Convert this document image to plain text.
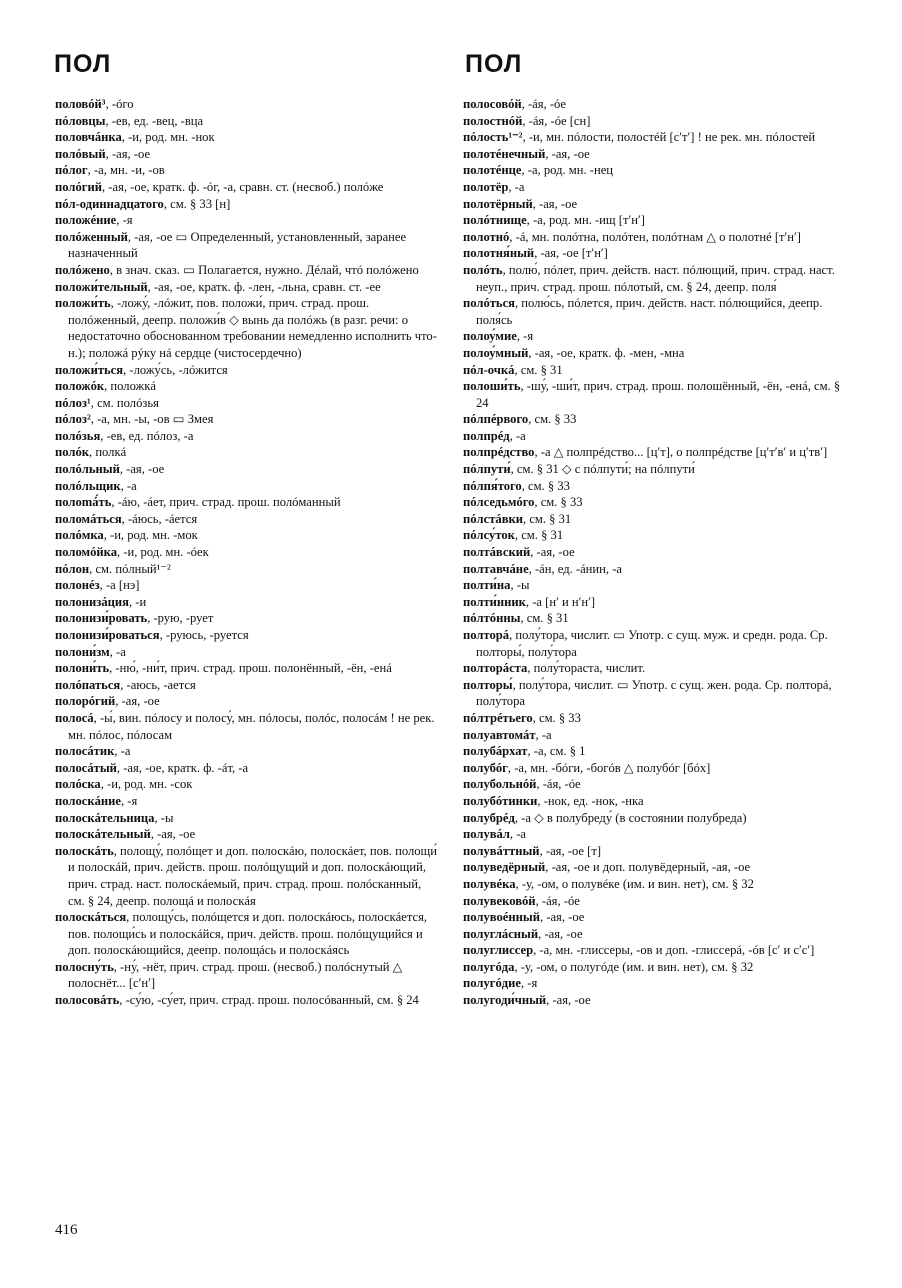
ПОЛ	ПОЛ

половóй³, -óго

пóловцы, -ев, ед. -вец, -вца

половчáнка, -и, род. мн. -нок

полóвый, -ая, -ое

пóлог, -а, мн. -и, -ов

полóгий, -ая, -ое, кратк. ф. -óг, -а, сравн. ст. (несвоб.) полóже

пóл-одиннадцатого, см. § 33 [н]

положéние, -я

полóженный, -ая, -ое ▭ Определенный, установленный, заранее назначенный

полóжено, в знач. сказ. ▭ Полагается, нужно. Дéлай, чтó полóжено

положи́тельный, -ая, -ое, кратк. ф. -лен, -льна, сравн. ст. -ее

положи́ть, -ложу́, -лóжит, пов. положи́, прич. страд. прош. полóженный, деепр. положи́в ◇ вынь да полóжь (в разг. речи: о недостаточно обоснованном требовании немедленно исполнить что-н.); положá рýку нá сердце (чистосердечно)

положи́ться, -ложу́сь, -лóжится

положóк, положкá

пóлоз¹, см. полóзья

пóлоз², -а, мн. -ы, -ов ▭ Змея

полóзья, -ев, ед. пóлоз, -а

полóк, полкá

полóльный, -ая, -ое

полóльщик, -а

полomá́ть, -áю, -áет, прич. страд. прош. полóманный

поломáться, -áюсь, -áется

полóмка, -и, род. мн. -мок

поломóйка, -и, род. мн. -óек

пóлон, см. пóлный¹⁻²

полонéз, -а [нэ]

полонизáция, -и

полонизи́ровать, -рую, -рует

полонизи́роваться, -руюсь, -руется

полони́зм, -а

полони́ть, -ню́, -ни́т, прич. страд. прош. полонённый, -ён, -енá

полóпаться, -аюсь, -ается

полорóгий, -ая, -ое

полосá, -ы́, вин. пóлосу и полосу́, мн. пóлосы, полóс, полосáм ! не рек. мн. пóлос, пóлосам

полосáтик, -а

полосáтый, -ая, -ое, кратк. ф. -áт, -а

полóска, -и, род. мн. -сок

полоскáние, -я

полоскáтельница, -ы

полоскáтельный, -ая, -ое

полоскáть, полощу́, полóщет и доп. полоскáю, полоскáет, пов. полощи́ и полоскáй, прич. действ. прош. полóщущий и доп. полоскáющий, прич. страд. наст. полоскáемый, прич. страд. прош. полóсканный, см. § 24, деепр. полощá и полоскáя

полоскáться, полощу́сь, полóщется и доп. полоскáюсь, полоскáется, пов. полощи́сь и полоскáйся, прич. действ. прош. полóщущийся и доп. полоскáющийся, деепр. полощáсь и полоскáясь

полосну́ть, -ну́, -нёт, прич. страд. прош. (несвоб.) полóснутый △ полоснёт... [сʹнʹ]

полосовáть, -су́ю, -су́ет, прич. страд. прош. полосóванный, см. § 24

полосовóй, -áя, -óе

полостнóй, -áя, -óе [сн]

пóлость¹⁻², -и, мн. пóлости, полостéй [сʹтʹ] ! не рек. мн. пóлостей

полотéнечный, -ая, -ое

полотéнце, -а, род. мн. -нец

полотёр, -а

полотёрный, -ая, -ое

полóтнище, -а, род. мн. -ищ [тʹнʹ]

полотнó, -á, мн. полóтна, полóтен, полóтнам △ о полотнé [тʹнʹ]

полотня́ный, -ая, -ое [тʹнʹ]

полóть, полю́, пóлет, прич. действ. наст. пóлющий, прич. страд. наст. неуп., прич. страд. прош. пóлотый, см. § 24, деепр. поля́

полóться, полю́сь, пóлется, прич. действ. наст. пóлющийся, деепр. поля́сь

полоу́мие, -я

полоу́мный, -ая, -ое, кратк. ф. -мен, -мна

пóл-очкá, см. § 31

полоши́ть, -шу́, -ши́т, прич. страд. прош. полошённый, -ён, -енá, см. § 24

пóлпéрвого, см. § 33

полпрéд, -а

полпрéдство, -а △ полпрéдство... [цʹт], о полпрéдстве [цʹтʹвʹ и цʹтвʹ]

пóлпути́, см. § 31 ◇ с пóлпути́; на пóлпути́

пóлпя́того, см. § 33

пóлседьмóго, см. § 33

пóлстáвки, см. § 31

пóлсу́ток, см. § 31

полтáвский, -ая, -ое

полтавчáне, -áн, ед. -áнин, -а

полти́на, -ы

полти́нник, -а [нʹ и нʹнʹ]

пóлтóнны, см. § 31

полторá, полу́тора, числит. ▭ Употр. с сущ. муж. и средн. рода. Ср. полторы́, полу́тора

полторáста, полу́тораста, числит.

полторы́, полу́тора, числит. ▭ Употр. с сущ. жен. рода. Ср. полторá, полу́тора

пóлтрéтьего, см. § 33

полуавтомáт, -а

полубáрхат, -а, см. § 1

полубóг, -а, мн. -бóги, -богóв △ полубóг [бóх]

полубольнóй, -áя, -óе

полубóтинки, -нок, ед. -нок, -нка

полубрéд, -а ◇ в полубреду́ (в состоянии полубреда)

полувáл, -а

полувáттный, -ая, -ое [т]

полуведёрный, -ая, -ое и доп. полувёдерный, -ая, -ое

полувéка, -у, -ом, о полувéке (им. и вин. нет), см. § 32

полувековóй, -áя, -óе

полувоéнный, -ая, -ое

полуглáсный, -ая, -ое

полуглиссер, -а, мн. -глиссеры, -ов и доп. -глиссерá, -óв [сʹ и сʹсʹ]

полугóда, -у, -ом, о полугóде (им. и вин. нет), см. § 32

полугóдие, -я

полугоди́чный, -ая, -ое

416
